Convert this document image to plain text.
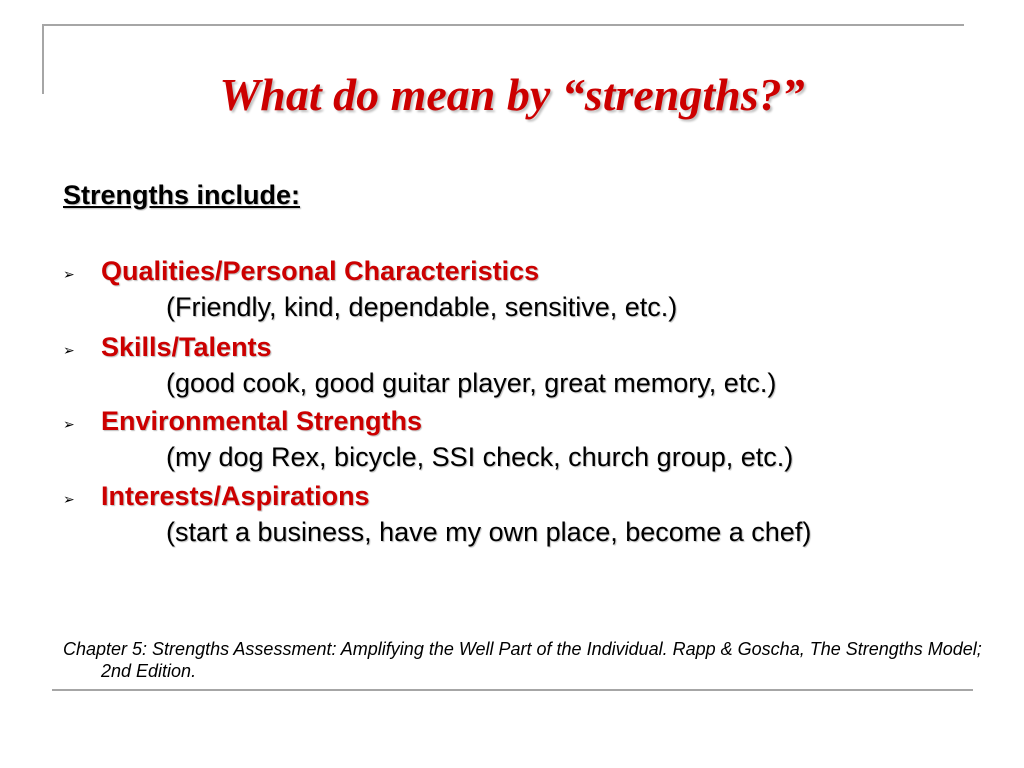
What do mean by “strengths?”
Strengths include:
➢ Qualities/Personal Characteristics
(Friendly, kind, dependable, sensitive, etc.)
➢ Skills/Talents
(good cook, good guitar player, great memory, etc.)
➢ Environmental Strengths
(my dog Rex, bicycle, SSI check, church group, etc.)
➢ Interests/Aspirations
(start a business, have my own place, become a chef)

Chapter 5: Strengths Assessment: Amplifying the Well Part of the Individual. Rapp & Goscha, The Strengths Model; 2nd Edition.
